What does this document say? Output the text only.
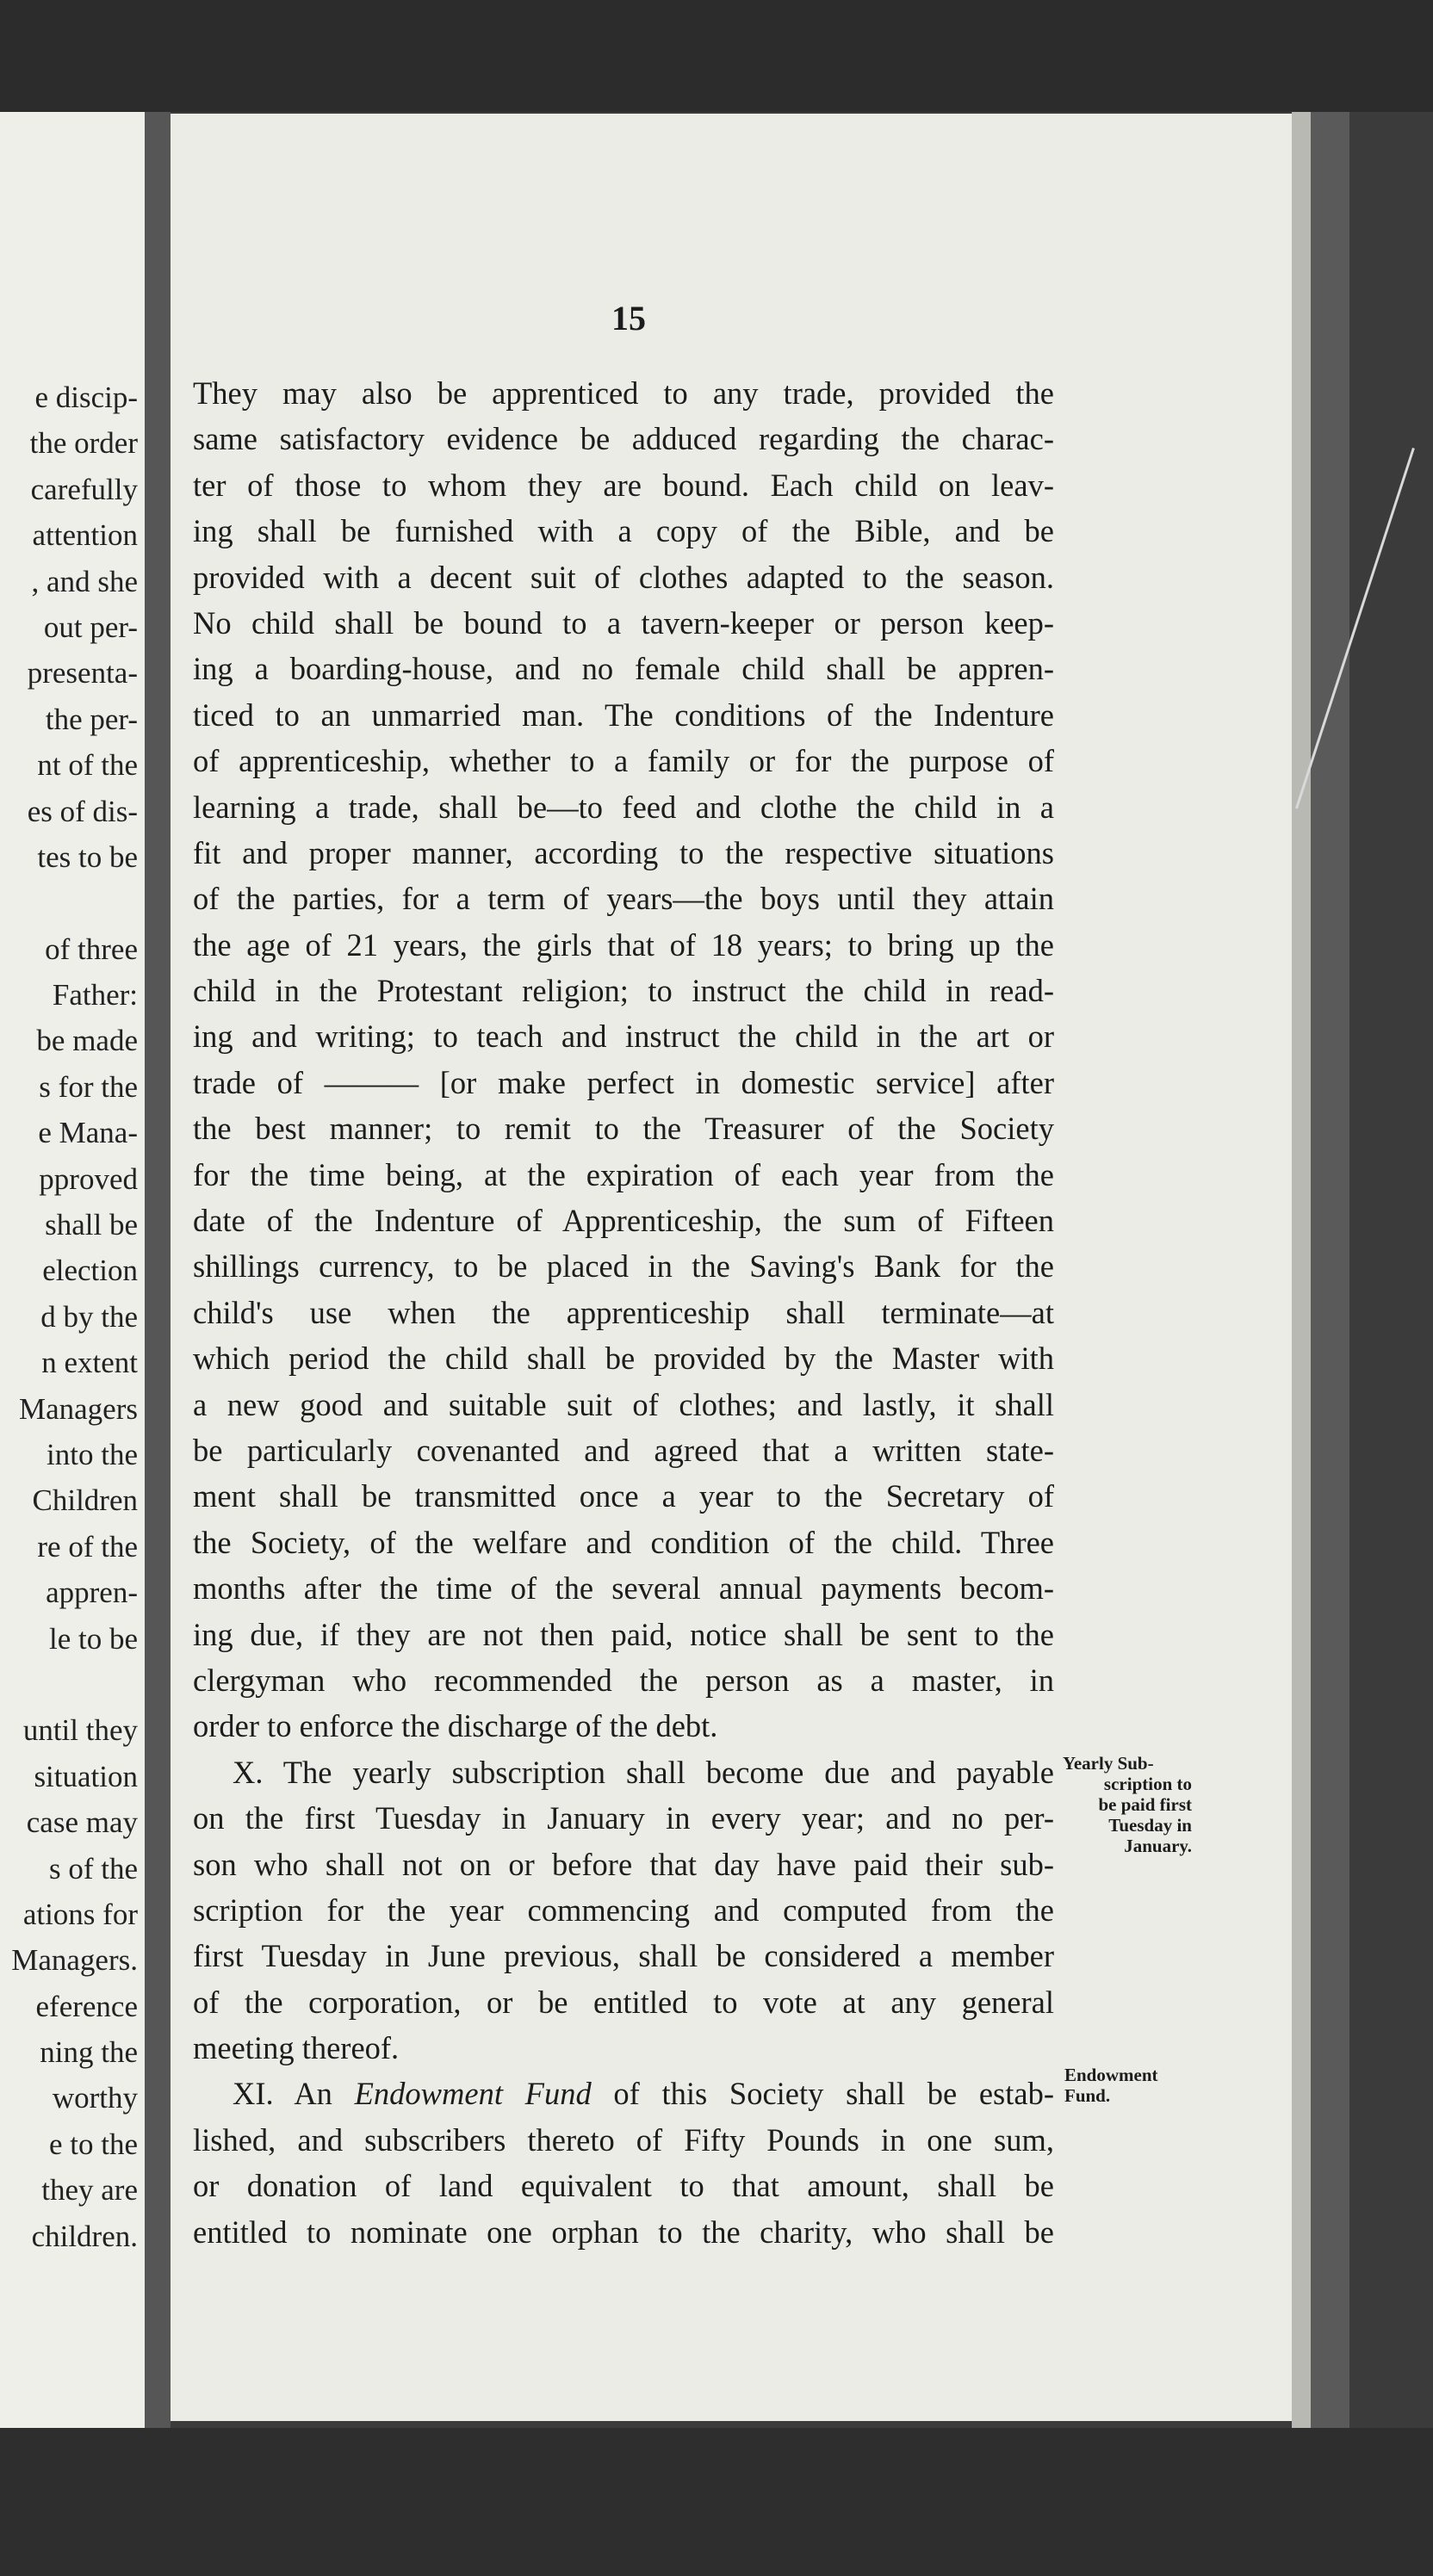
e discip-
the order
carefully
attention
, and she
out per-
presenta-
the per-
nt of the
es of dis-
tes to be
of three
Father:
be made
s for the
e Mana-
pproved
shall be
election
d by the
n extent
Managers
into the
Children
re of the
appren-
le to be
until they
situation
case may
s of the
ations for
Managers.
eference
ning the
worthy
e to the
they are
children.
15
They may also be apprenticed to any trade, provided the
same satisfactory evidence be adduced regarding the charac-
ter of those to whom they are bound. Each child on leav-
ing shall be furnished with a copy of the Bible, and be
provided with a decent suit of clothes adapted to the season.
No child shall be bound to a tavern-keeper or person keep-
ing a boarding-house, and no female child shall be appren-
ticed to an unmarried man. The conditions of the Indenture
of apprenticeship, whether to a family or for the purpose of
learning a trade, shall be—to feed and clothe the child in a
fit and proper manner, according to the respective situations
of the parties, for a term of years—the boys until they attain
the age of 21 years, the girls that of 18 years; to bring up the
child in the Protestant religion; to instruct the child in read-
ing and writing; to teach and instruct the child in the art or
trade of ——— [or make perfect in domestic service] after
the best manner; to remit to the Treasurer of the Society
for the time being, at the expiration of each year from the
date of the Indenture of Apprenticeship, the sum of Fifteen
shillings currency, to be placed in the Saving's Bank for the
child's use when the apprenticeship shall terminate—at
which period the child shall be provided by the Master with
a new good and suitable suit of clothes; and lastly, it shall
be particularly covenanted and agreed that a written state-
ment shall be transmitted once a year to the Secretary of
the Society, of the welfare and condition of the child. Three
months after the time of the several annual payments becom-
ing due, if they are not then paid, notice shall be sent to the
clergyman who recommended the person as a master, in
order to enforce the discharge of the debt.
X. The yearly subscription shall become due and payable
on the first Tuesday in January in every year; and no per-
son who shall not on or before that day have paid their sub-
scription for the year commencing and computed from the
first Tuesday in June previous, shall be considered a member
of the corporation, or be entitled to vote at any general
meeting thereof.
XI. An Endowment Fund of this Society shall be estab-
lished, and subscribers thereto of Fifty Pounds in one sum,
or donation of land equivalent to that amount, shall be
entitled to nominate one orphan to the charity, who shall be
Yearly Sub-
scription to
be paid first
Tuesday in
January.
Endowment
Fund.
